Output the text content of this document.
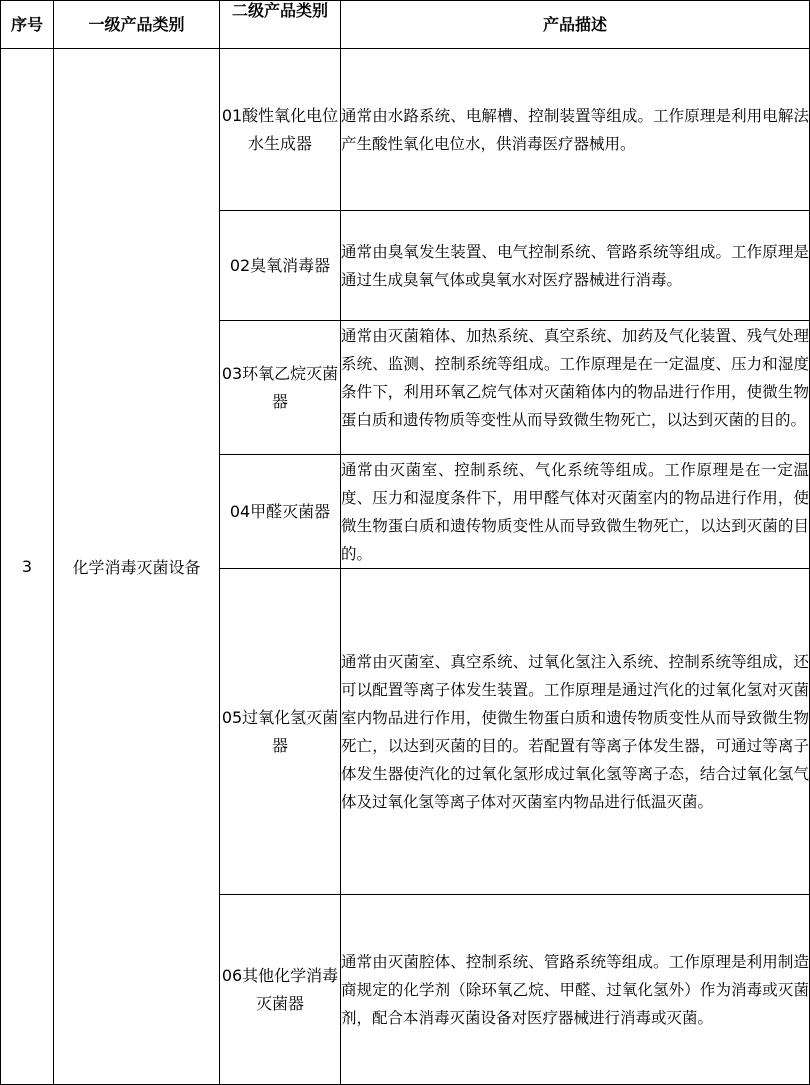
序号	一级产品类别	二级产品类别	产品描述
3	化学消毒灭菌设备	01酸性氧化电位水生成器	通常由水路系统、电解槽、控制装置等组成。工作原理是利用电解法产生酸性氧化电位水，供消毒医疗器械用。
		02臭氧消毒器	通常由臭氧发生装置、电气控制系统、管路系统等组成。工作原理是通过生成臭氧气体或臭氧水对医疗器械进行消毒。
		03环氧乙烷灭菌器	通常由灭菌箱体、加热系统、真空系统、加药及气化装置、残气处理系统、监测、控制系统等组成。工作原理是在一定温度、压力和湿度条件下，利用环氧乙烷气体对灭菌箱体内的物品进行作用，使微生物蛋白质和遗传物质等变性从而导致微生物死亡，以达到灭菌的目的。
		04甲醛灭菌器	通常由灭菌室、控制系统、气化系统等组成。工作原理是在一定温度、压力和湿度条件下，用甲醛气体对灭菌室内的物品进行作用，使微生物蛋白质和遗传物质变性从而导致微生物死亡，以达到灭菌的目的。
		05过氧化氢灭菌器	通常由灭菌室、真空系统、过氧化氢注入系统、控制系统等组成，还可以配置等离子体发生装置。工作原理是通过汽化的过氧化氢对灭菌室内物品进行作用，使微生物蛋白质和遗传物质变性从而导致微生物死亡，以达到灭菌的目的。若配置有等离子体发生器，可通过等离子体发生器使汽化的过氧化氢形成过氧化氢等离子态，结合过氧化氢气体及过氧化氢等离子体对灭菌室内物品进行低温灭菌。
		06其他化学消毒灭菌器	通常由灭菌腔体、控制系统、管路系统等组成。工作原理是利用制造商规定的化学剂（除环氧乙烷、甲醛、过氧化氢外）作为消毒或灭菌剂，配合本消毒灭菌设备对医疗器械进行消毒或灭菌。
